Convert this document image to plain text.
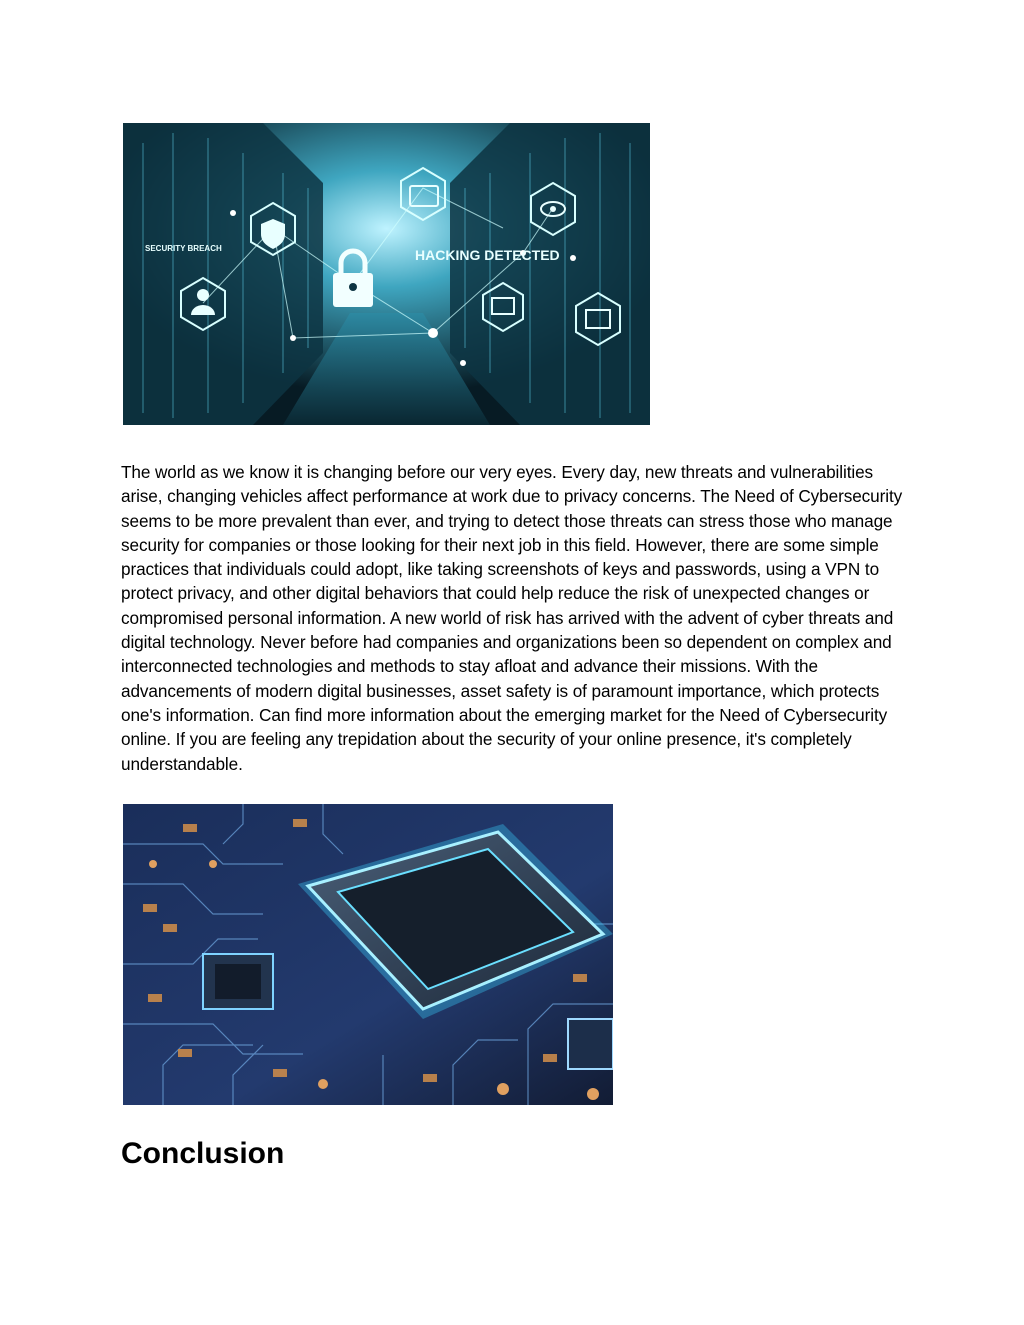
SECURITY BREACH	HACKING DETECTED

The world as we know it is changing before our very eyes. Every day, new threats and vulnerabilities arise, changing vehicles affect performance at work due to privacy concerns. The Need of Cybersecurity seems to be more prevalent than ever, and trying to detect those threats can stress those who manage security for companies or those looking for their next job in this field. However, there are some simple practices that individuals could adopt, like taking screenshots of keys and passwords, using a VPN to protect privacy, and other digital behaviors that could help reduce the risk of unexpected changes or compromised personal information. A new world of risk has arrived with the advent of cyber threats and digital technology. Never before had companies and organizations been so dependent on complex and interconnected technologies and methods to stay afloat and advance their missions. With the advancements of modern digital businesses, asset safety is of paramount importance, which protects one's information. Can find more information about the emerging market for the Need of Cybersecurity online. If you are feeling any trepidation about the security of your online presence, it's completely understandable.

Conclusion
